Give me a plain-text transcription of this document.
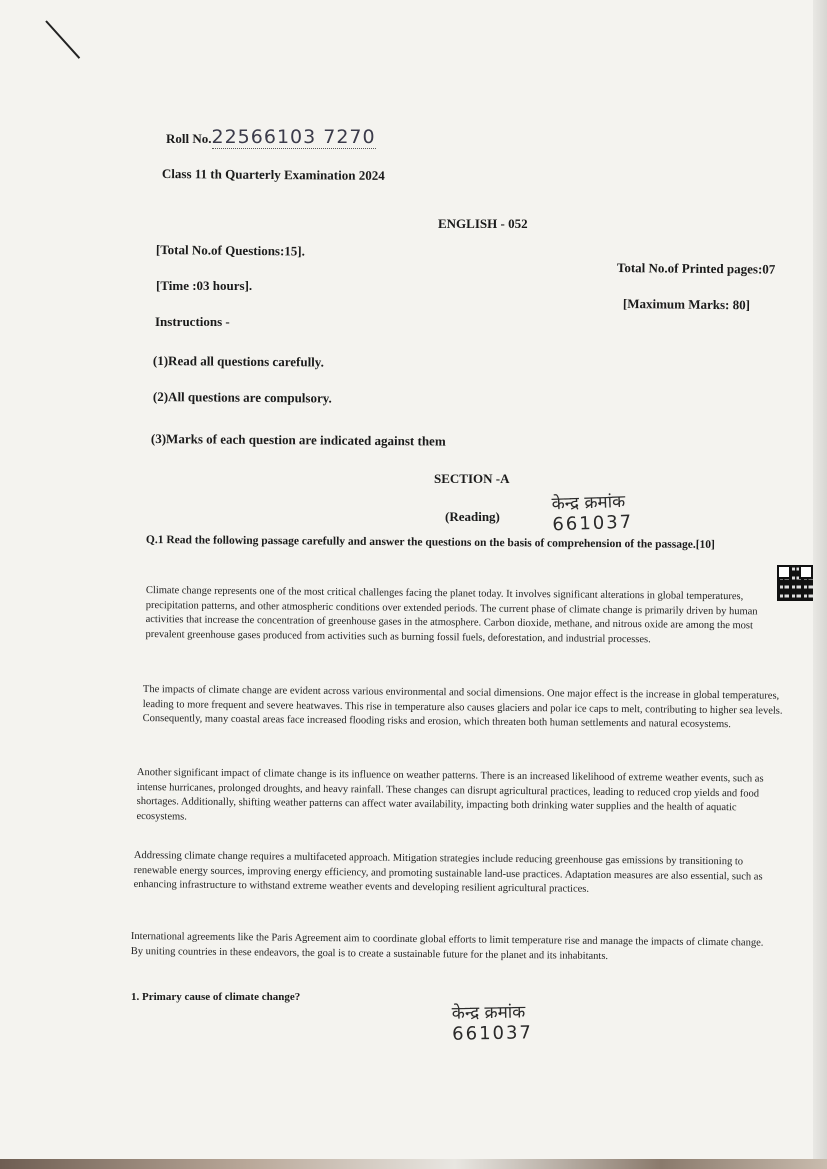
Roll No.22566103 7270
Class 11 th Quarterly Examination 2024
ENGLISH - 052
[Total No.of Questions:15].
Total No.of Printed pages:07
[Time :03 hours].
[Maximum Marks: 80]
Instructions -
(1)Read all questions carefully.
(2)All questions are compulsory.
(3)Marks of each question are indicated against them
SECTION -A
(Reading)
केन्द्र क्रमांक
661037
Q.1 Read the following passage carefully and answer the questions on the basis of comprehension of the passage.[10]
Climate change represents one of the most critical challenges facing the planet today. It involves significant alterations in global temperatures, precipitation patterns, and other atmospheric conditions over extended periods. The current phase of climate change is primarily driven by human activities that increase the concentration of greenhouse gases in the atmosphere. Carbon dioxide, methane, and nitrous oxide are among the most prevalent greenhouse gases produced from activities such as burning fossil fuels, deforestation, and industrial processes.
The impacts of climate change are evident across various environmental and social dimensions. One major effect is the increase in global temperatures, leading to more frequent and severe heatwaves. This rise in temperature also causes glaciers and polar ice caps to melt, contributing to higher sea levels. Consequently, many coastal areas face increased flooding risks and erosion, which threaten both human settlements and natural ecosystems.
Another significant impact of climate change is its influence on weather patterns. There is an increased likelihood of extreme weather events, such as intense hurricanes, prolonged droughts, and heavy rainfall. These changes can disrupt agricultural practices, leading to reduced crop yields and food shortages. Additionally, shifting weather patterns can affect water availability, impacting both drinking water supplies and the health of aquatic ecosystems.
Addressing climate change requires a multifaceted approach. Mitigation strategies include reducing greenhouse gas emissions by transitioning to renewable energy sources, improving energy efficiency, and promoting sustainable land-use practices. Adaptation measures are also essential, such as enhancing infrastructure to withstand extreme weather events and developing resilient agricultural practices.
International agreements like the Paris Agreement aim to coordinate global efforts to limit temperature rise and manage the impacts of climate change. By uniting countries in these endeavors, the goal is to create a sustainable future for the planet and its inhabitants.
1. Primary cause of climate change?
केन्द्र क्रमांक
661037
